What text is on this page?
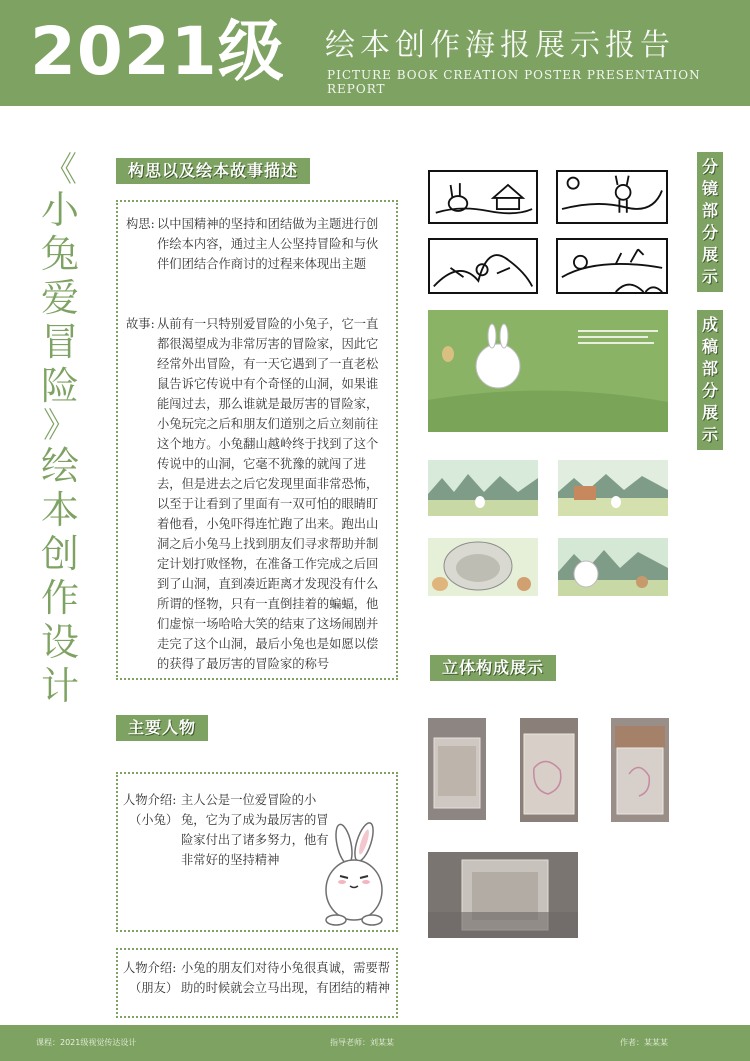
2021级 绘本创作海报展示报告
PICTURE BOOK CREATION POSTER PRESENTATION REPORT
《
小
兔
爱
冒
险
》
绘
本
创
作
设
计
构思以及绘本故事描述
构思: 以中国精神的坚持和团结做为主题进行创作绘本内容，通过主人公坚持冒险和与伙伴们团结合作商讨的过程来体现出主题
故事: 从前有一只特别爱冒险的小兔子，它一直都很渴望成为非常厉害的冒险家，因此它经常外出冒险，有一天它遇到了一直老松鼠告诉它传说中有个奇怪的山洞，如果谁能闯过去，那么谁就是最厉害的冒险家，小兔玩完之后和朋友们道别之后立刻前往这个地方。小兔翻山越岭终于找到了这个传说中的山洞，它毫不犹豫的就闯了进去，但是进去之后它发现里面非常恐怖，以至于让看到了里面有一双可怕的眼睛盯着他看，小兔吓得连忙跑了出来。跑出山洞之后小兔马上找到朋友们寻求帮助并制定计划打败怪物，在准备工作完成之后回到了山洞，直到凑近距离才发现没有什么所谓的怪物，只有一直倒挂着的蝙蝠，他们虚惊一场哈哈大笑的结束了这场闹剧并走完了这个山洞，最后小兔也是如愿以偿的获得了最厉害的冒险家的称号
主要人物
人物介绍:
（小兔）
主人公是一位爱冒险的小兔，它为了成为最厉害的冒险家付出了诸多努力，他有非常好的坚持精神
人物介绍:
（朋友）
小兔的朋友们对待小兔很真诚，需要帮助的时候就会立马出现，有团结的精神
分
镜
部
分
展
示
成
稿
部
分
展
示
立体构成展示
课程：2021级视觉传达设计	指导老师：刘某某	作者：某某某
